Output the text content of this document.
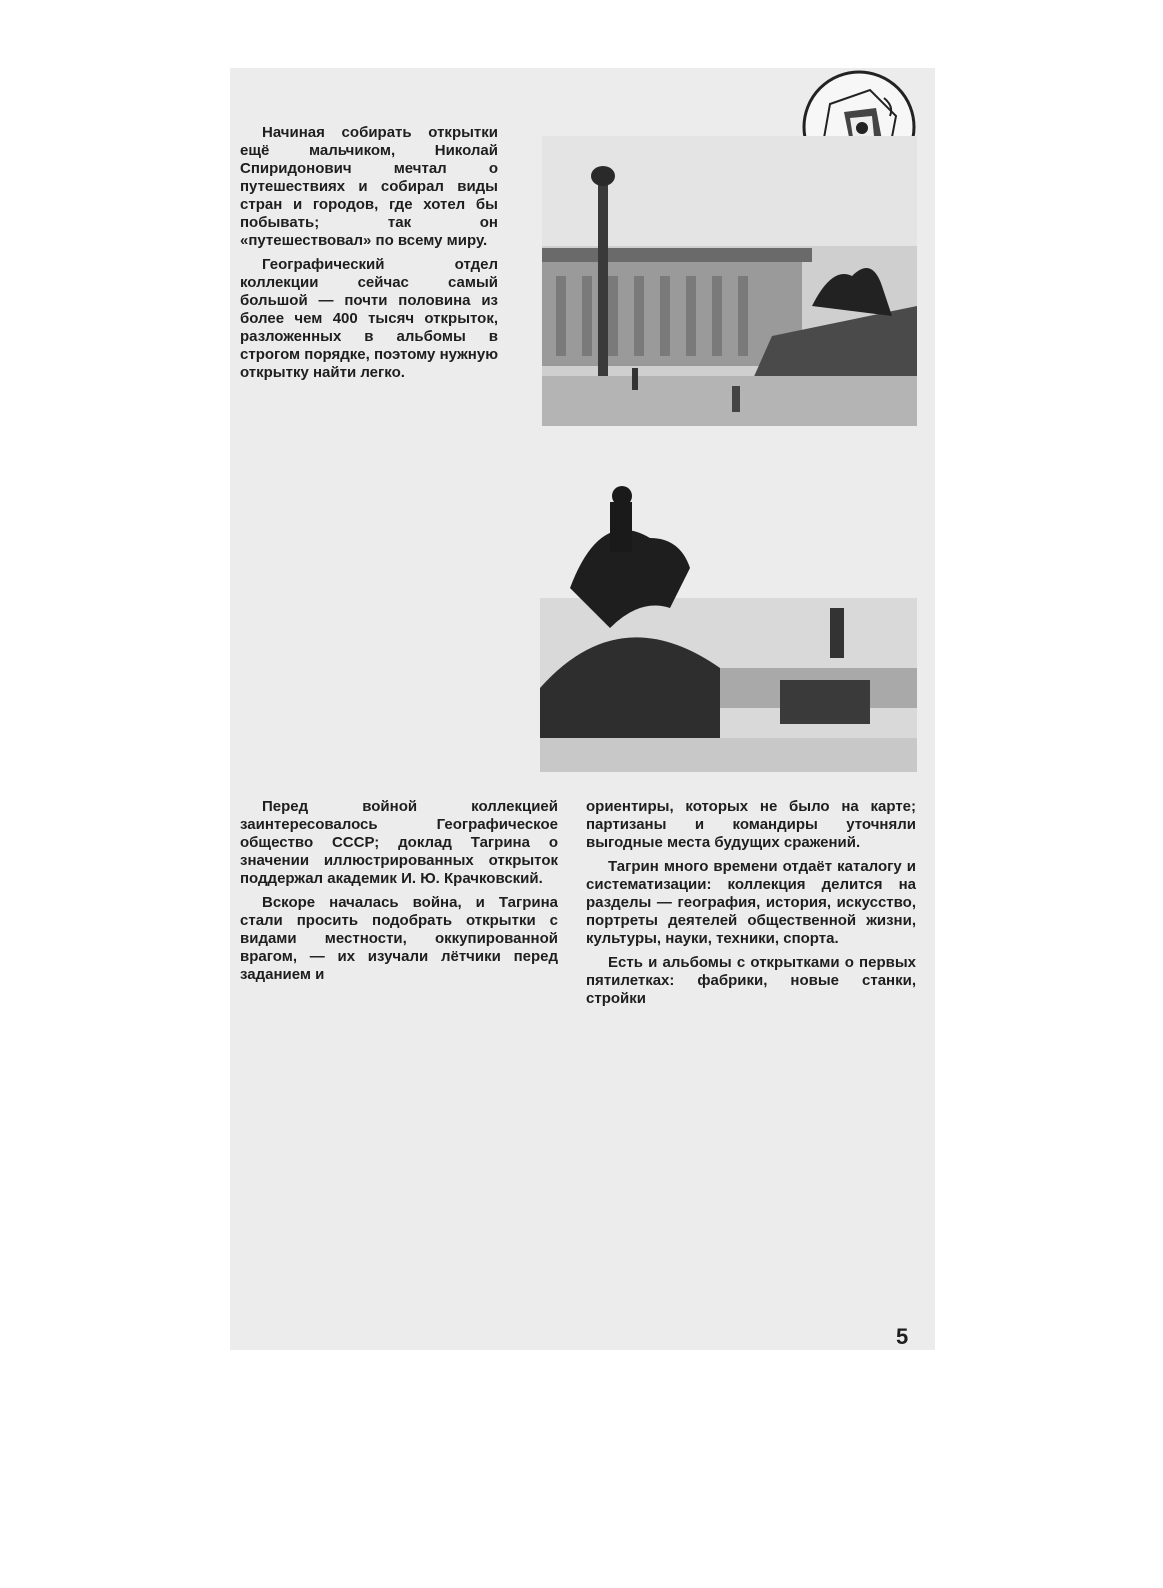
Начиная собирать открытки ещё мальчиком, Николай Спиридонович мечтал о путешествиях и собирал виды стран и городов, где хотел бы побывать; так он «путешествовал» по всему миру.

Географический отдел коллекции сейчас самый большой — почти половина из более чем 400 тысяч открыток, разложенных в альбомы в строгом порядке, поэтому нужную открытку найти легко.

Перед войной коллекцией заинтересовалось Географическое общество СССР; доклад Тагрина о значении иллюстрированных открыток поддержал академик И. Ю. Крачковский.

Вскоре началась война, и Тагрина стали просить подобрать открытки с видами местности, оккупированной врагом, — их изучали лётчики перед заданием и

ориентиры, которых не было на карте; партизаны и командиры уточняли выгодные места будущих сражений.

Тагрин много времени отдаёт каталогу и систематизации: коллекция делится на разделы — география, история, искусство, портреты деятелей общественной жизни, культуры, науки, техники, спорта.

Есть и альбомы с открытками о первых пятилетках: фабрики, новые станки, стройки

5
